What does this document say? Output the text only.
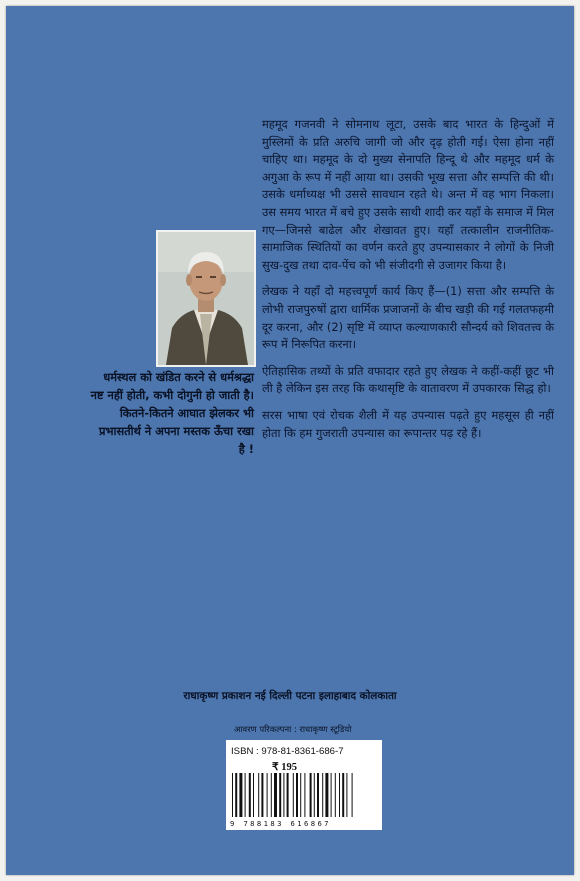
महमूद गजनवी ने सोमनाथ लूटा, उसके बाद भारत के हिन्दुओं में मुस्लिमों के प्रति अरुचि जागी जो और दृढ़ होती गई। ऐसा होना नहीं चाहिए था। महमूद के दो मुख्य सेनापति हिन्दू थे और महमूद धर्म के अगुआ के रूप में नहीं आया था। उसकी भूख सत्ता और सम्पत्ति की थी। उसके धर्माध्यक्ष भी उससे सावधान रहते थे। अन्त में वह भाग निकला। उस समय भारत में बचे हुए उसके साथी शादी कर यहाँ के समाज में मिल गए—जिनसे बाढेल और शेखावत हुए। यहाँ तत्कालीन राजनीतिक-सामाजिक स्थितियों का वर्णन करते हुए उपन्यासकार ने लोगों के निजी सुख-दुख तथा दाव-पेंच को भी संजीदगी से उजागर किया है।

लेखक ने यहाँ दो महत्त्वपूर्ण कार्य किए हैं—(1) सत्ता और सम्पत्ति के लोभी राजपुरुषों द्वारा धार्मिक प्रजाजनों के बीच खड़ी की गई गलतफहमी दूर करना, और (2) सृष्टि में व्याप्त कल्याणकारी सौन्दर्य को शिवतत्त्व के रूप में निरूपित करना।

ऐतिहासिक तथ्यों के प्रति वफादार रहते हुए लेखक ने कहीं-कहीं छूट भी ली है लेकिन इस तरह कि कथासृष्टि के वातावरण में उपकारक सिद्ध हो।

सरस भाषा एवं रोचक शैली में यह उपन्यास पढ़ते हुए महसूस ही नहीं होता कि हम गुजराती उपन्यास का रूपान्तर पढ़ रहे हैं।

धर्मस्थल को खंडित करने से धर्मश्रद्धा नष्ट नहीं होती, कभी दोगुनी हो जाती है। कितने-कितने आघात झेलकर भी प्रभासतीर्थ ने अपना मस्तक ऊँचा रखा है !
राधाकृष्ण प्रकाशन नई दिल्ली पटना इलाहाबाद कोलकाता
आवरण परिकल्पना : राधाकृष्ण स्टूडियो
ISBN : 978-81-8361-686-7
₹ 195
9 788183 616867
